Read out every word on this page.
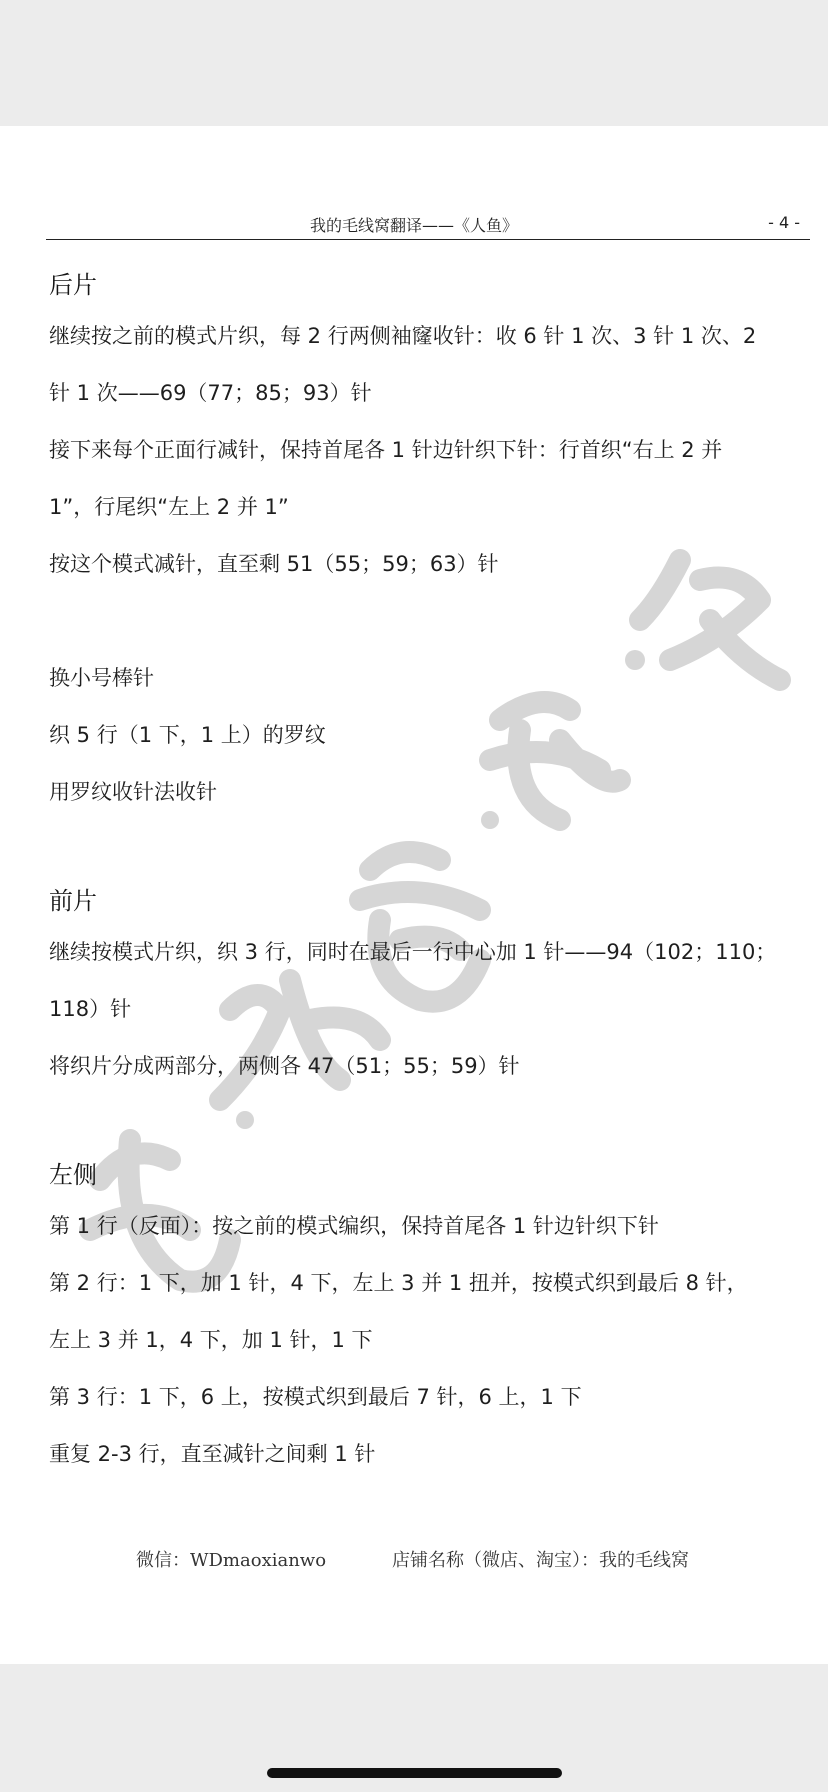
我的毛线窝翻译——《人鱼》	- 4 -
后片
继续按之前的模式片织，每 2 行两侧袖窿收针：收 6 针 1 次、3 针 1 次、2
针 1 次——69（77；85；93）针
接下来每个正面行减针，保持首尾各 1 针边针织下针：行首织“右上 2 并
1”，行尾织“左上 2 并 1”
按这个模式减针，直至剩 51（55；59；63）针
换小号棒针
织 5 行（1 下，1 上）的罗纹
用罗纹收针法收针
前片
继续按模式片织，织 3 行，同时在最后一行中心加 1 针——94（102；110；
118）针
将织片分成两部分，两侧各 47（51；55；59）针
左侧
第 1 行（反面）：按之前的模式编织，保持首尾各 1 针边针织下针
第 2 行：1 下，加 1 针，4 下，左上 3 并 1 扭并，按模式织到最后 8 针，
左上 3 并 1，4 下，加 1 针，1 下
第 3 行：1 下，6 上，按模式织到最后 7 针，6 上，1 下
重复 2-3 行，直至减针之间剩 1 针
微信：WDmaoxianwo	店铺名称（微店、淘宝）：我的毛线窝
